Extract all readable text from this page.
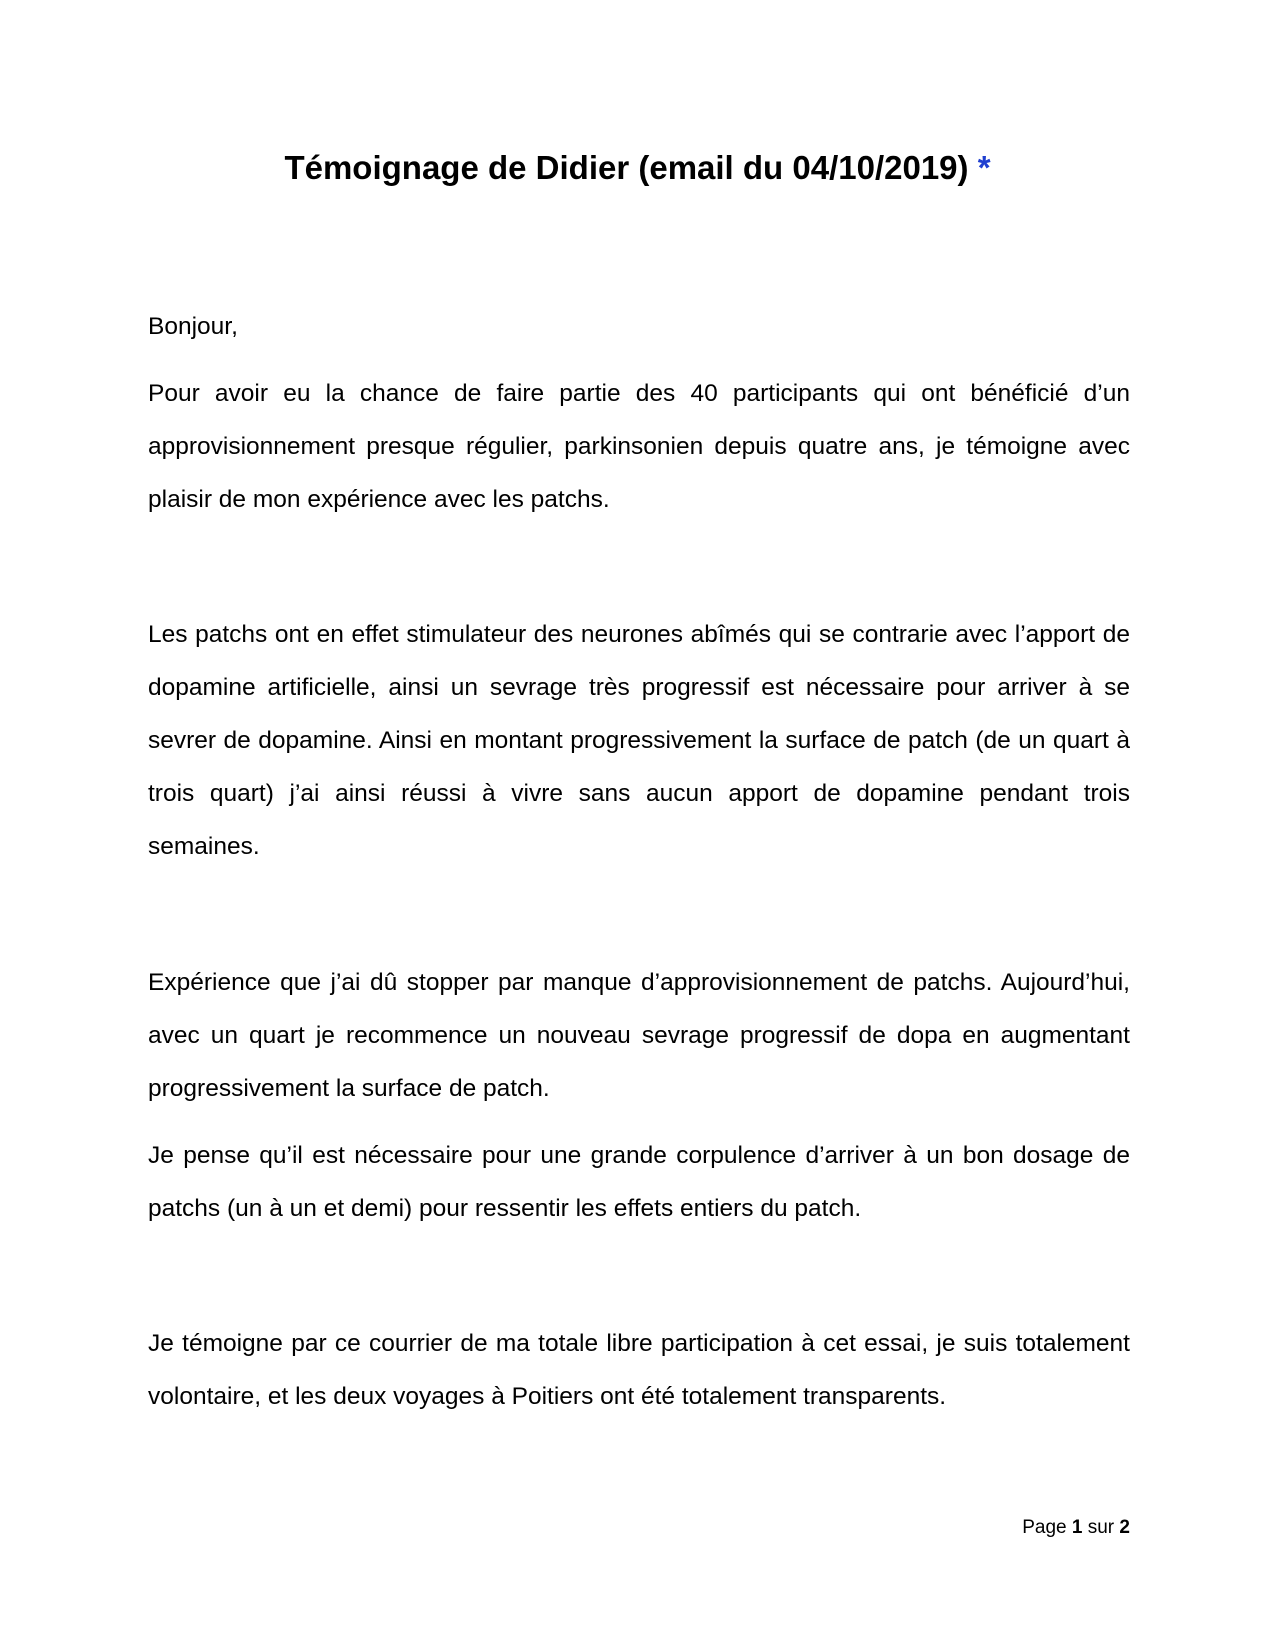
Témoignage de Didier (email du 04/10/2019) *

Bonjour,

Pour avoir eu la chance de faire partie des 40 participants qui ont bénéficié d’un approvisionnement presque régulier, parkinsonien depuis quatre ans, je témoigne avec plaisir de mon expérience avec les patchs.

Les patchs ont en effet stimulateur des neurones abîmés qui se contrarie avec l’apport de dopamine artificielle, ainsi un sevrage très progressif est nécessaire pour arriver à se sevrer de dopamine. Ainsi en montant progressivement la surface de patch (de un quart à trois quart) j’ai ainsi réussi à vivre sans aucun apport de dopamine pendant trois semaines.

Expérience que j’ai dû stopper par manque d’approvisionnement de patchs. Aujourd’hui, avec un quart je recommence un nouveau sevrage progressif de dopa en augmentant progressivement la surface de patch.

Je pense qu’il est nécessaire pour une grande corpulence d’arriver à un bon dosage de patchs (un à un et demi) pour ressentir les effets entiers du patch.

Je témoigne par ce courrier de ma totale libre participation à cet essai, je suis totalement volontaire, et les deux voyages à Poitiers ont été totalement transparents.

Page 1 sur 2
